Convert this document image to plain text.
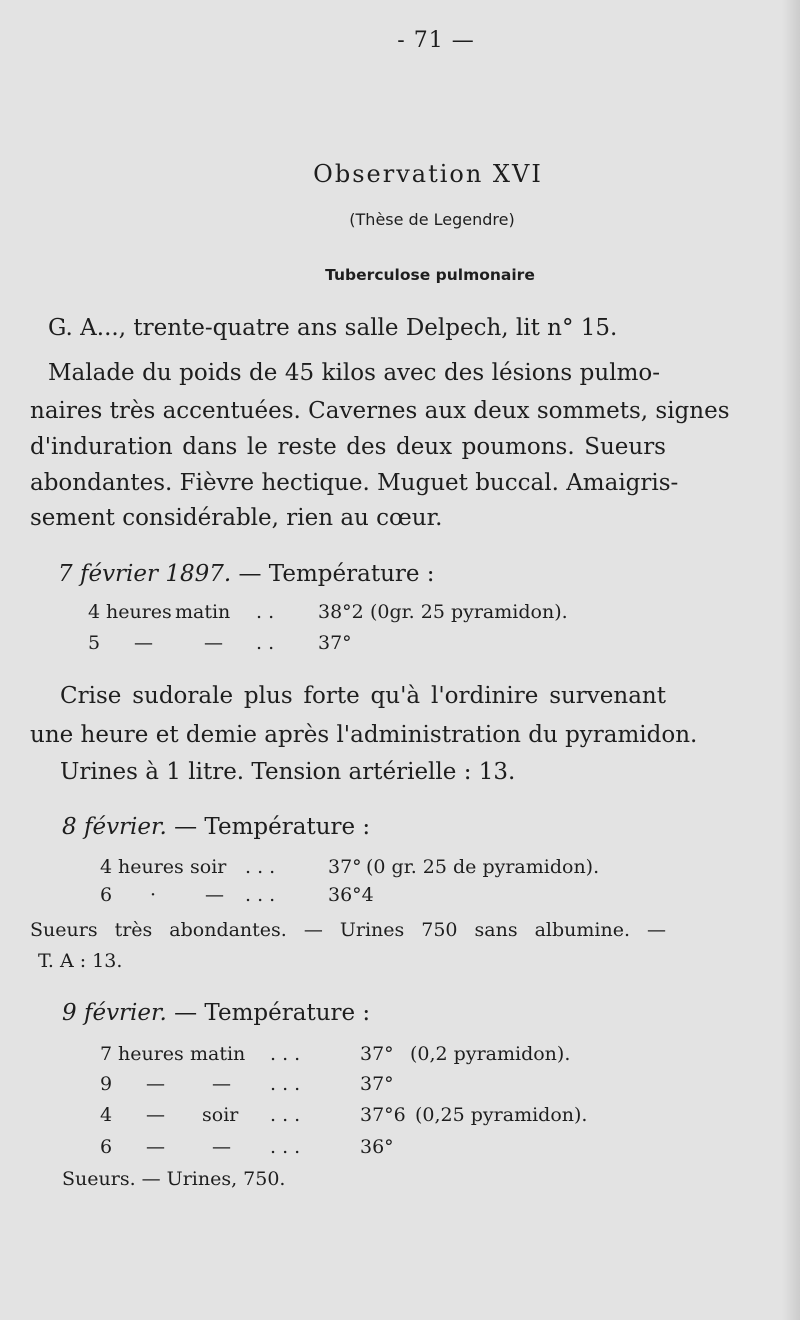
- 71 —
Observation XVI
(Thèse de Legendre)
Tuberculose pulmonaire
G. A..., trente-quatre ans salle Delpech, lit n° 15.
Malade du poids de 45 kilos avec des lésions pulmo-
naires très accentuées. Cavernes aux deux sommets, signes
d'induration dans le reste des deux poumons. Sueurs
abondantes. Fièvre hectique. Muguet buccal. Amaigris-
sement considérable, rien au cœur.
7 février 1897. — Température :
4 heures matin . . 38°2 (0gr. 25 pyramidon).
5 —	— . . 37°
Crise sudorale plus forte qu'à l'ordinire survenant
une heure et demie après l'administration du pyramidon.
Urines à 1 litre. Tension artérielle : 13.
8 février. — Température :
4 heures soir . . .	37° (0 gr. 25 de pyramidon).
6 ·	— . . .	36°4
Sueurs très abondantes. — Urines 750 sans albumine. —
T. A : 13.
9 février. — Température :
7 heures matin . . .	37° (0,2 pyramidon).
9 — — . . .	37°
4 — soir . . .	37°6 (0,25 pyramidon).
6 — — . . .	36°
Sueurs. — Urines, 750.
